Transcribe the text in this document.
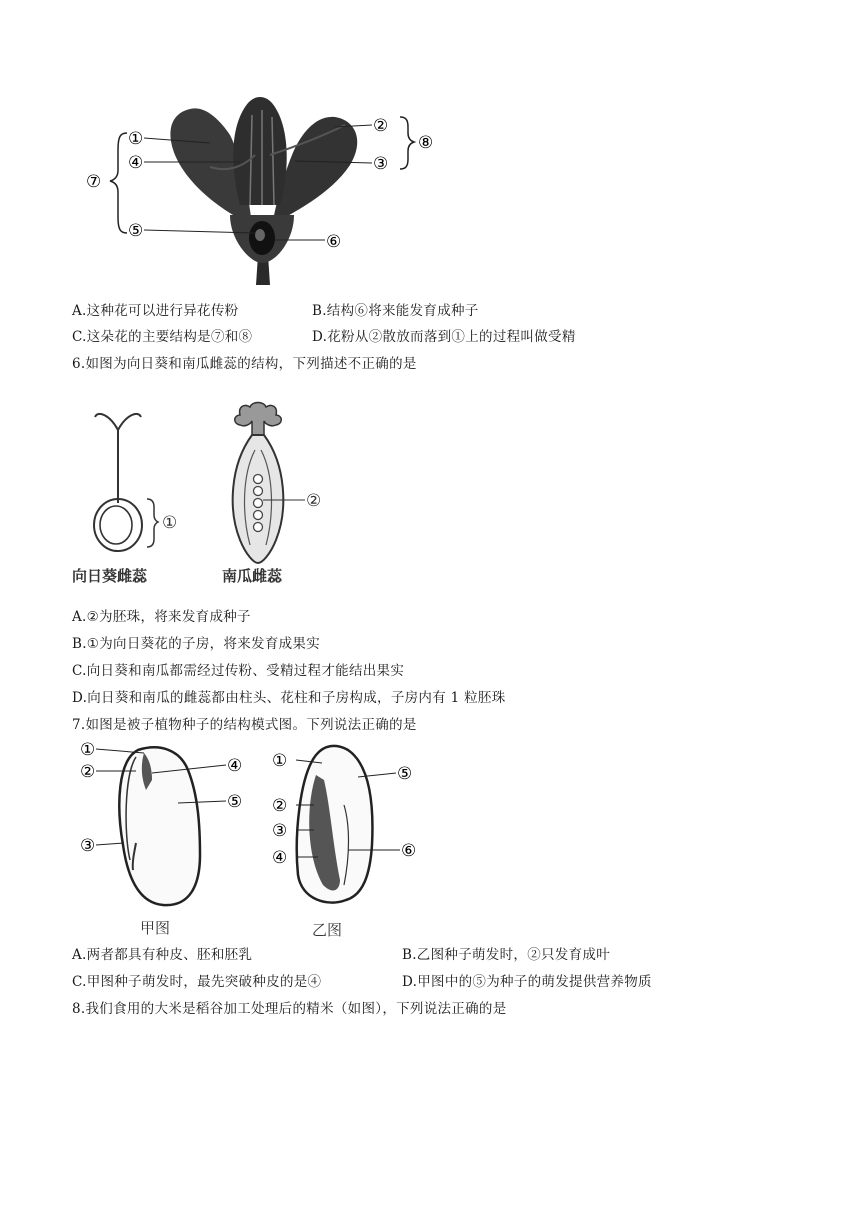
①
④
⑦
⑤
②
③
⑧
⑥
A.这种花可以进行异花传粉	B.结构⑥将来能发育成种子
C.这朵花的主要结构是⑦和⑧	D.花粉从②散放而落到①上的过程叫做受精
6.如图为向日葵和南瓜雌蕊的结构，下列描述不正确的是
①
向日葵雌蕊
②
南瓜雌蕊
A.②为胚珠，将来发育成种子
B.①为向日葵花的子房，将来发育成果实
C.向日葵和南瓜都需经过传粉、受精过程才能结出果实
D.向日葵和南瓜的雌蕊都由柱头、花柱和子房构成，子房内有 1 粒胚珠
7.如图是被子植物种子的结构模式图。下列说法正确的是
①
②
③
④
⑤
甲图
①
②
③
④
⑤
⑥
乙图
A.两者都具有种皮、胚和胚乳	B.乙图种子萌发时，②只发育成叶
C.甲图种子萌发时，最先突破种皮的是④	D.甲图中的⑤为种子的萌发提供营养物质
8.我们食用的大米是稻谷加工处理后的精米（如图），下列说法正确的是
